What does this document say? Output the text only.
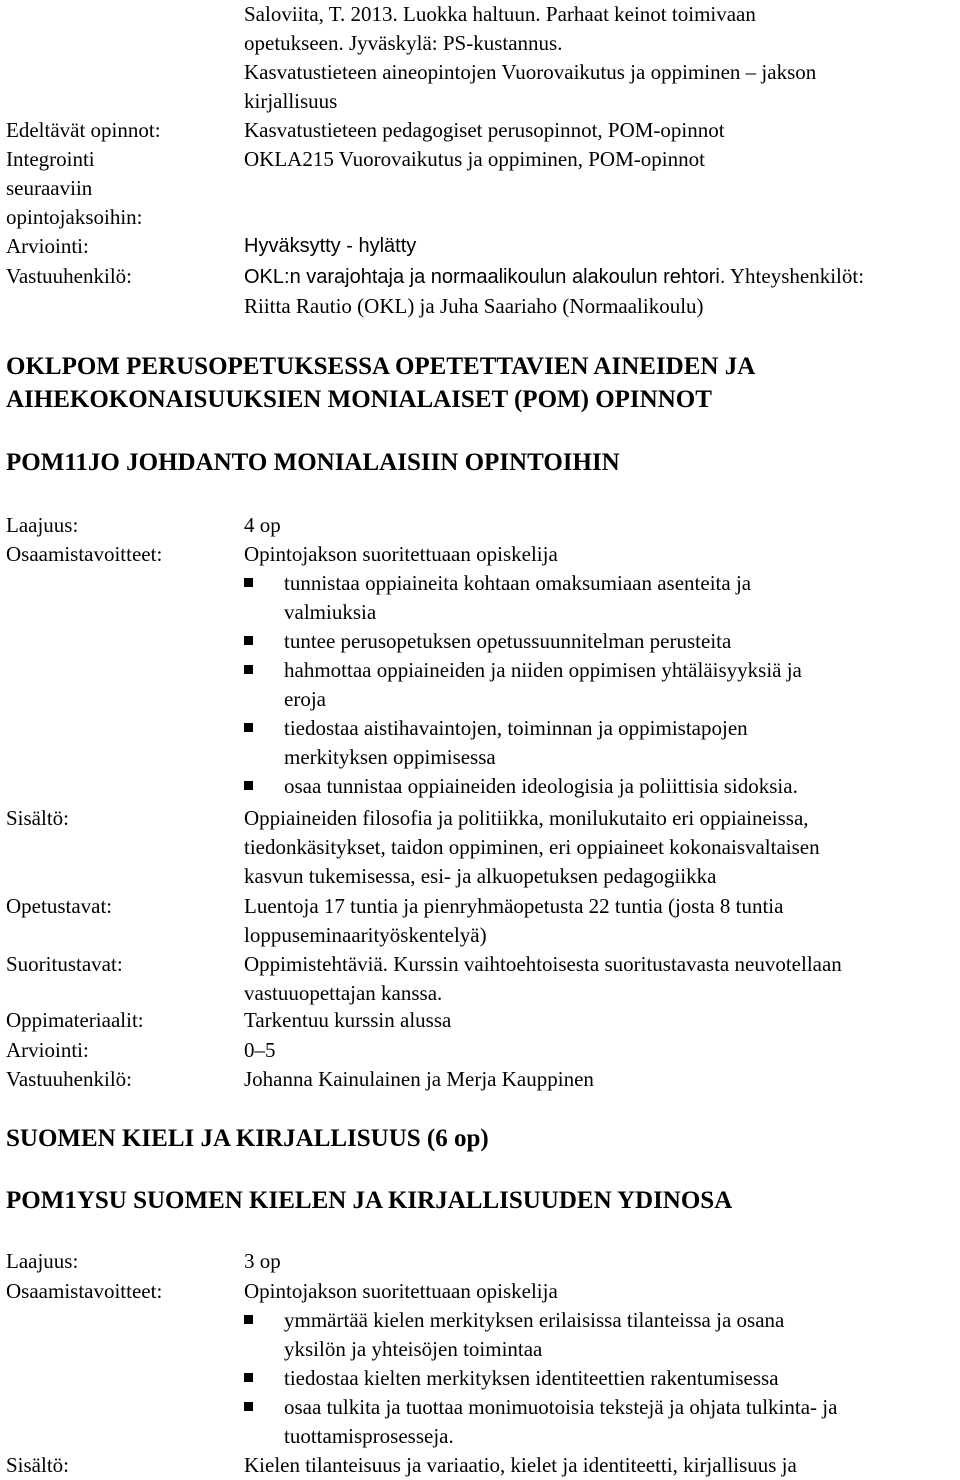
Saloviita, T. 2013. Luokka haltuun. Parhaat keinot toimivaan
opetukseen. Jyväskylä: PS-kustannus.
Kasvatustieteen aineopintojen Vuorovaikutus ja oppiminen – jakson
kirjallisuus
Edeltävät opinnot:	Kasvatustieteen pedagogiset perusopinnot, POM-opinnot
Integrointi
seuraaviin
opintojaksoihin:
OKLA215 Vuorovaikutus ja oppiminen, POM-opinnot
Arviointi:	Hyväksytty - hylätty
Vastuuhenkilö:	OKL:n varajohtaja ja normaalikoulun alakoulun rehtori. Yhteyshenkilöt:
Riitta Rautio (OKL) ja Juha Saariaho (Normaalikoulu)
OKLPOM PERUSOPETUKSESSA OPETETTAVIEN AINEIDEN JA
AIHEKOKONAISUUKSIEN MONIALAISET (POM) OPINNOT
POM11JO JOHDANTO MONIALAISIIN OPINTOIHIN
Laajuus:	4 op
Osaamistavoitteet:	Opintojakson suoritettuaan opiskelija
tunnistaa oppiaineita kohtaan omaksumiaan asenteita ja
valmiuksia
tuntee perusopetuksen opetussuunnitelman perusteita
hahmottaa oppiaineiden ja niiden oppimisen yhtäläisyyksiä ja
eroja
tiedostaa aistihavaintojen, toiminnan ja oppimistapojen
merkityksen oppimisessa
osaa tunnistaa oppiaineiden ideologisia ja poliittisia sidoksia.
Sisältö:	Oppiaineiden filosofia ja politiikka, monilukutaito eri oppiaineissa,
tiedonkäsitykset, taidon oppiminen, eri oppiaineet kokonaisvaltaisen
kasvun tukemisessa, esi- ja alkuopetuksen pedagogiikka
Opetustavat:	Luentoja 17 tuntia ja pienryhmäopetusta 22 tuntia (josta 8 tuntia
loppuseminaarityöskentelyä)
Suoritustavat:	Oppimistehtäviä. Kurssin vaihtoehtoisesta suoritustavasta neuvotellaan
vastuuopettajan kanssa.
Oppimateriaalit:	Tarkentuu kurssin alussa
Arviointi:	0–5
Vastuuhenkilö:	Johanna Kainulainen ja Merja Kauppinen
SUOMEN KIELI JA KIRJALLISUUS (6 op)
POM1YSU SUOMEN KIELEN JA KIRJALLISUUDEN YDINOSA
Laajuus:	3 op
Osaamistavoitteet:	Opintojakson suoritettuaan opiskelija
ymmärtää kielen merkityksen erilaisissa tilanteissa ja osana
yksilön ja yhteisöjen toimintaa
tiedostaa kielten merkityksen identiteettien rakentumisessa
osaa tulkita ja tuottaa monimuotoisia tekstejä ja ohjata tulkinta- ja
tuottamisprosesseja.
Sisältö:	Kielen tilanteisuus ja variaatio, kielet ja identiteetti, kirjallisuus ja
